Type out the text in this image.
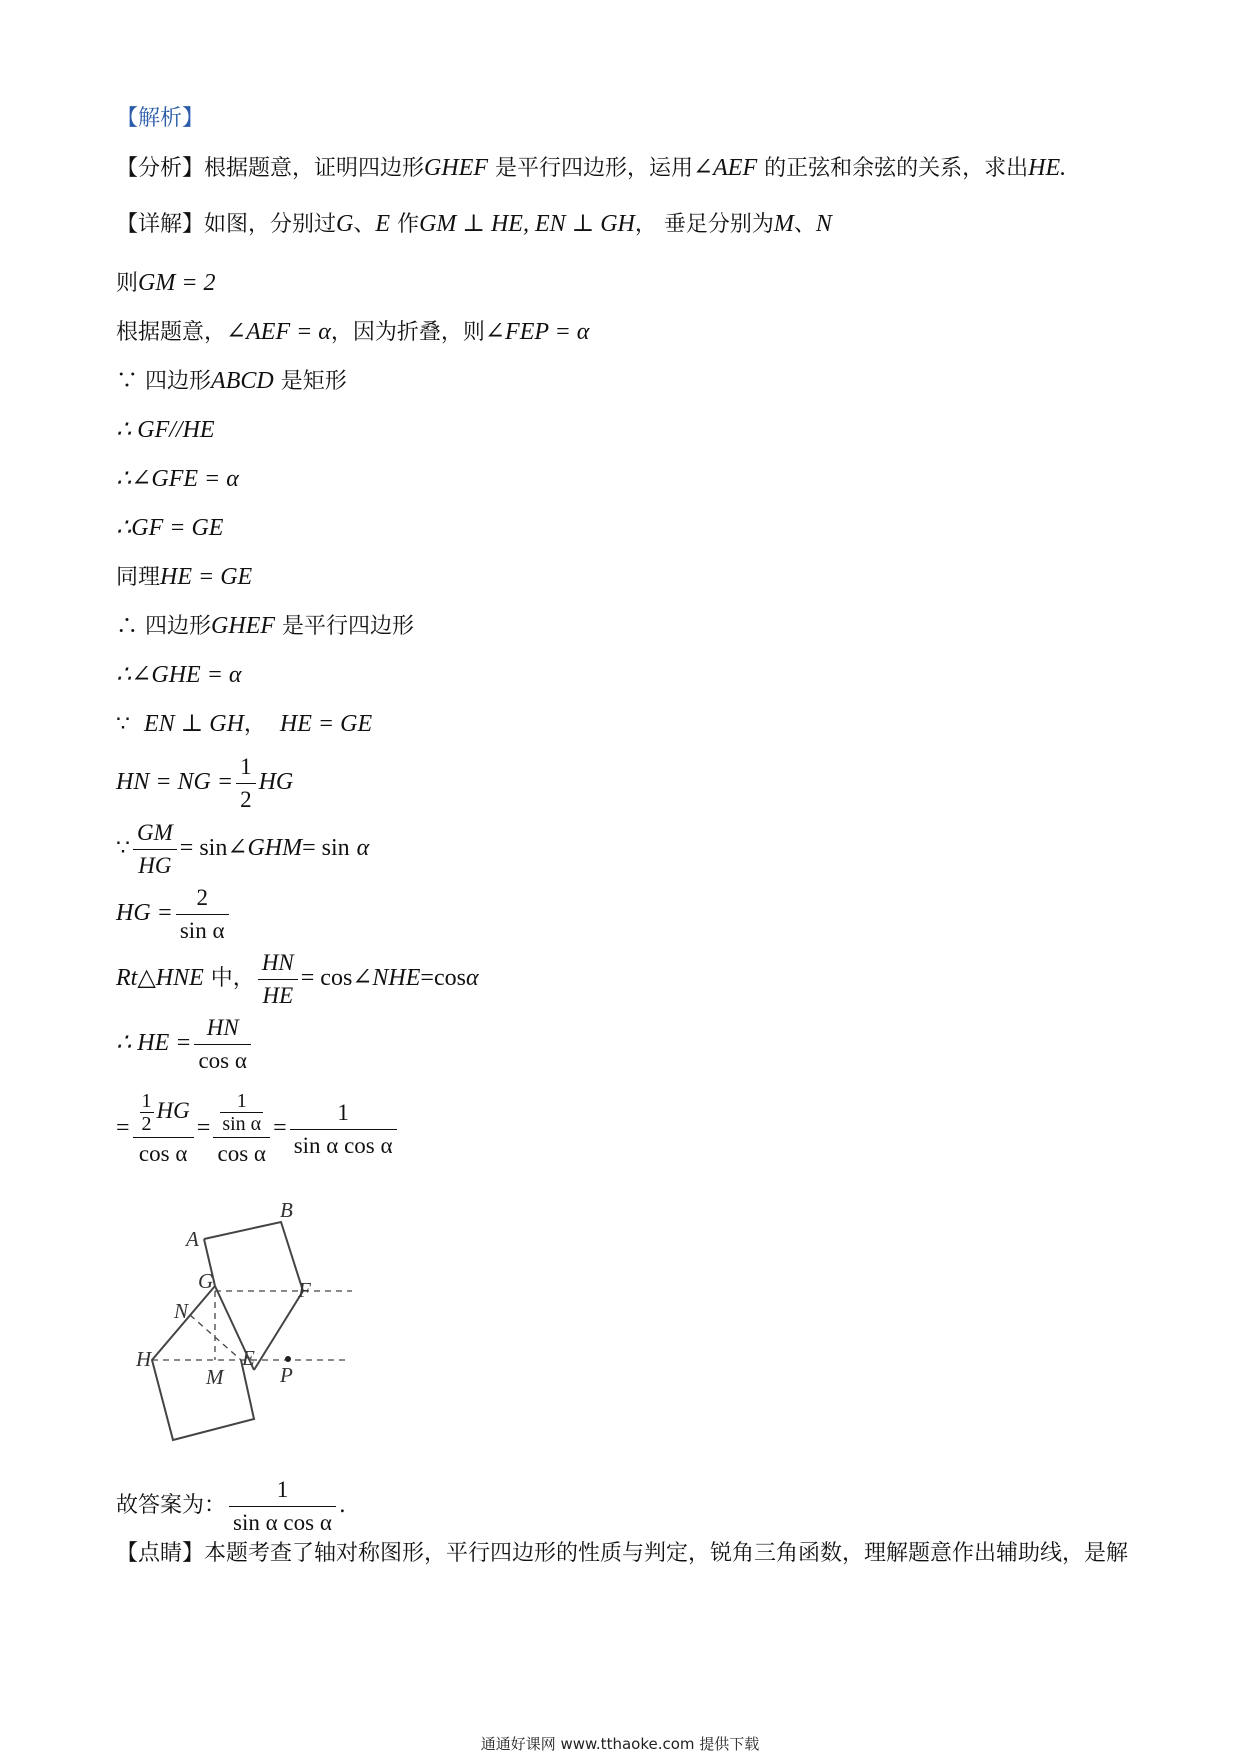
【解析】
【分析】根据题意，证明四边形GHEF 是平行四边形，运用∠AEF 的正弦和余弦的关系，求出HE.
【详解】如图，分别过G、E 作GM ⊥ HE, EN ⊥ GH， 垂足分别为M、N
则GM = 2
根据题意，∠AEF = α，因为折叠，则∠FEP = α
∵ 四边形ABCD 是矩形
∴ GF//HE
∴∠GFE = α
∴GF = GE
同理HE = GE
∴ 四边形GHEF 是平行四边形
∴∠GHE = α
∵ EN ⊥ GH， HE = GE
HN = NG = $\frac{1}{2}$ HG
∵ $\frac{GM}{HG}$ = sin∠GHM= sin α
HG = $\frac{2}{\text{sin α}}$
Rt△HNE 中， $\frac{HN}{HE}$ = cos∠NHE=cosα
∴ HE = $\frac{HN}{\text{cos α}}$
= $\frac{\frac{1}{2} HG}{\text{cos α}} = \frac{\frac{1}{\text{sin α}}}{\text{cos α}} = \frac{1}{\text{sin α cos α}}$
A
B
G	F
N
H
M
E
P
故答案为： $\frac{1}{\text{sin α cos α}}$ .
【点睛】本题考查了轴对称图形，平行四边形的性质与判定，锐角三角函数，理解题意作出辅助线，是解
通通好课网 www.tthaoke.com 提供下载
